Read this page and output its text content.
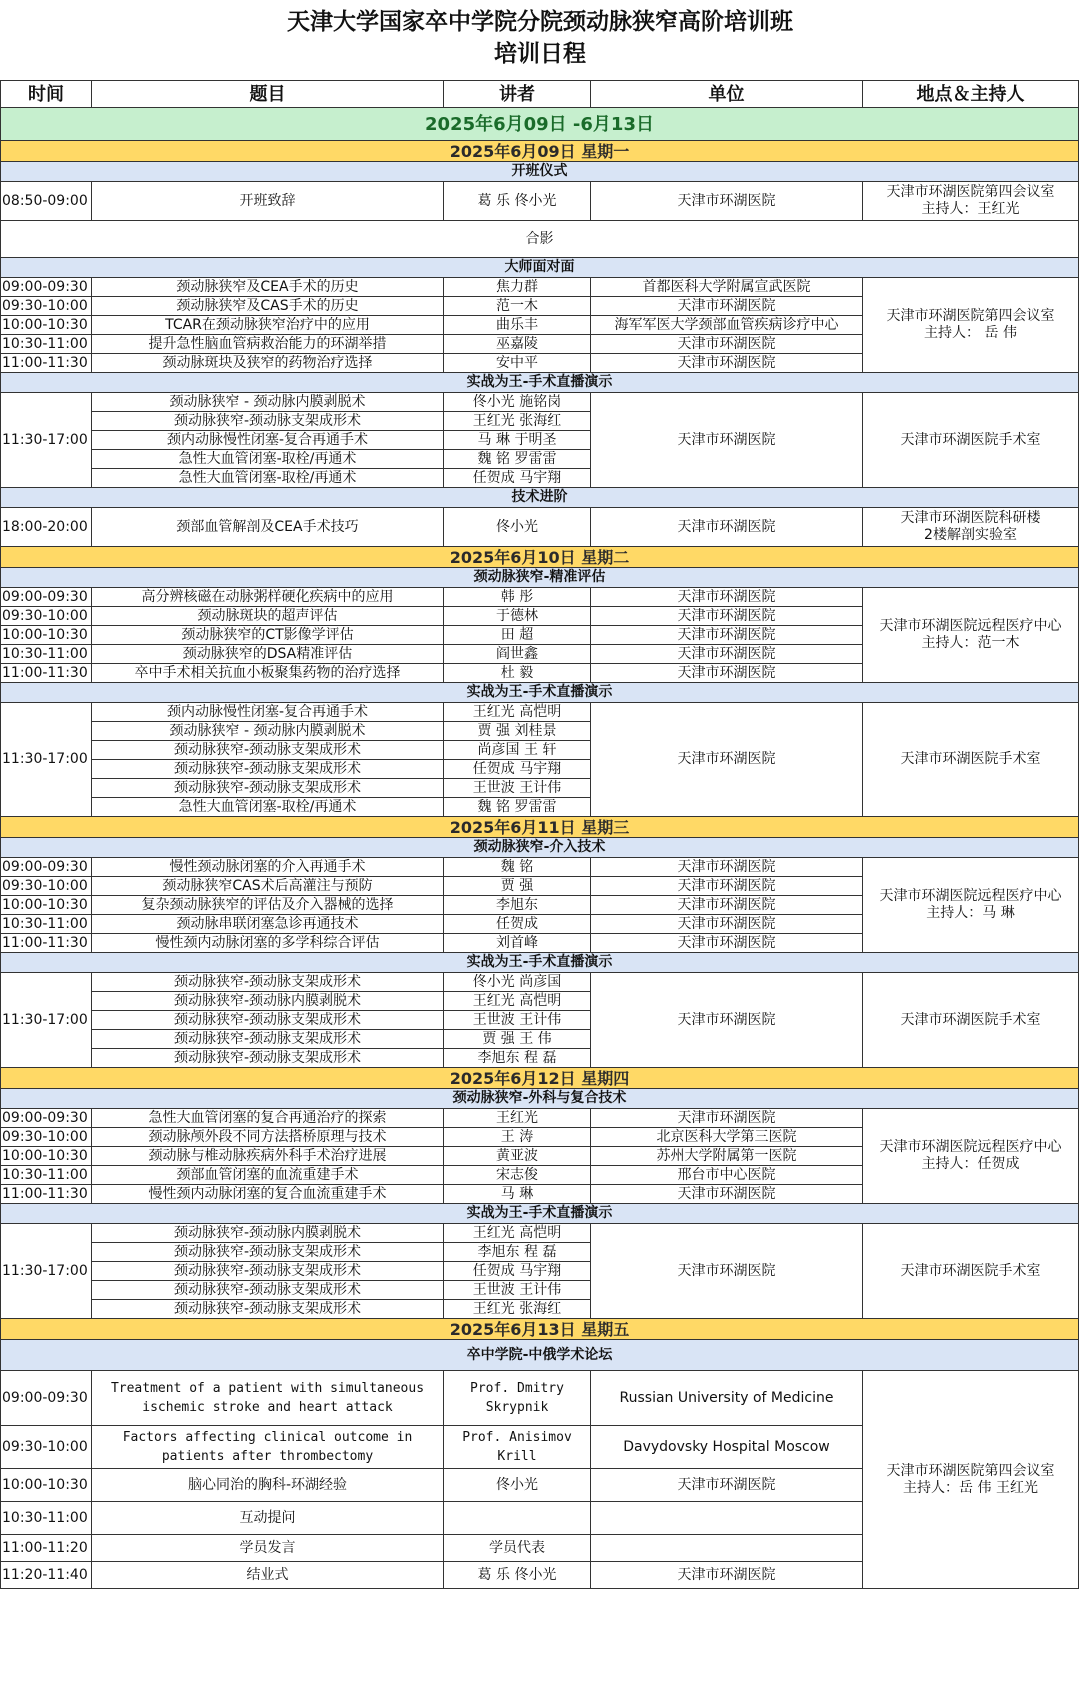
天津大学国家卒中学院分院颈动脉狭窄高阶培训班
培训日程
时间	题目	讲者	单位	地点＆主持人
2025年6月09日 -6月13日				
2025年6月09日 星期一				
开班仪式				
08:50-09:00	开班致辞	葛 乐 佟小光	天津市环湖医院	天津市环湖医院第四会议室
主持人：王红光

合影				
大师面对面				
09:00-09:30	颈动脉狭窄及CEA手术的历史	焦力群	首都医科大学附属宣武医院	天津市环湖医院第四会议室
主持人： 岳 伟

09:30-10:00	颈动脉狭窄及CAS手术的历史	范一木	天津市环湖医院	
10:00-10:30	TCAR在颈动脉狭窄治疗中的应用	曲乐丰	海军军医大学颈部血管疾病诊疗中心	
10:30-11:00	提升急性脑血管病救治能力的环湖举措	巫嘉陵	天津市环湖医院	
11:00-11:30	颈动脉斑块及狭窄的药物治疗选择	安中平	天津市环湖医院	
实战为王-手术直播演示				
11:30-17:00	颈动脉狭窄 - 颈动脉内膜剥脱术	佟小光 施铭岗	天津市环湖医院	天津市环湖医院手术室
	颈动脉狭窄-颈动脉支架成形术	王红光 张海红		
	颈内动脉慢性闭塞-复合再通手术	马 琳 于明圣		
	急性大血管闭塞-取栓/再通术	魏 铭 罗雷雷		
	急性大血管闭塞-取栓/再通术	任贺成 马宇翔		
技术进阶				
18:00-20:00	颈部血管解剖及CEA手术技巧	佟小光	天津市环湖医院	天津市环湖医院科研楼
2楼解剖实验室

2025年6月10日 星期二				
颈动脉狭窄-精准评估				
09:00-09:30	高分辨核磁在动脉粥样硬化疾病中的应用	韩 彤	天津市环湖医院	天津市环湖医院远程医疗中心
主持人：范一木

09:30-10:00	颈动脉斑块的超声评估	于德林	天津市环湖医院	
10:00-10:30	颈动脉狭窄的CT影像学评估	田 超	天津市环湖医院	
10:30-11:00	颈动脉狭窄的DSA精准评估	阎世鑫	天津市环湖医院	
11:00-11:30	卒中手术相关抗血小板聚集药物的治疗选择	杜 毅	天津市环湖医院	
实战为王-手术直播演示				
11:30-17:00	颈内动脉慢性闭塞-复合再通手术	王红光 高恺明	天津市环湖医院	天津市环湖医院手术室
	颈动脉狭窄 - 颈动脉内膜剥脱术	贾 强 刘桂景		
	颈动脉狭窄-颈动脉支架成形术	尚彦国 王 轩		
	颈动脉狭窄-颈动脉支架成形术	任贺成 马宇翔		
	颈动脉狭窄-颈动脉支架成形术	王世波 王计伟		
	急性大血管闭塞-取栓/再通术	魏 铭 罗雷雷		
2025年6月11日 星期三				
颈动脉狭窄-介入技术				
09:00-09:30	慢性颈动脉闭塞的介入再通手术	魏 铭	天津市环湖医院	天津市环湖医院远程医疗中心
主持人：马 琳

09:30-10:00	颈动脉狭窄CAS术后高灌注与预防	贾 强	天津市环湖医院	
10:00-10:30	复杂颈动脉狭窄的评估及介入器械的选择	李旭东	天津市环湖医院	
10:30-11:00	颈动脉串联闭塞急诊再通技术	任贺成	天津市环湖医院	
11:00-11:30	慢性颈内动脉闭塞的多学科综合评估	刘首峰	天津市环湖医院	
实战为王-手术直播演示				
11:30-17:00	颈动脉狭窄-颈动脉支架成形术	佟小光 尚彦国	天津市环湖医院	天津市环湖医院手术室
	颈动脉狭窄-颈动脉内膜剥脱术	王红光 高恺明		
	颈动脉狭窄-颈动脉支架成形术	王世波 王计伟		
	颈动脉狭窄-颈动脉支架成形术	贾 强 王 伟		
	颈动脉狭窄-颈动脉支架成形术	李旭东 程 磊		
2025年6月12日 星期四				
颈动脉狭窄-外科与复合技术				
09:00-09:30	急性大血管闭塞的复合再通治疗的探索	王红光	天津市环湖医院	天津市环湖医院远程医疗中心
主持人：任贺成

09:30-10:00	颈动脉颅外段不同方法搭桥原理与技术	王 涛	北京医科大学第三医院	
10:00-10:30	颈动脉与椎动脉疾病外科手术治疗进展	黄亚波	苏州大学附属第一医院	
10:30-11:00	颈部血管闭塞的血流重建手术	宋志俊	邢台市中心医院	
11:00-11:30	慢性颈内动脉闭塞的复合血流重建手术	马 琳	天津市环湖医院	
实战为王-手术直播演示				
11:30-17:00	颈动脉狭窄-颈动脉内膜剥脱术	王红光 高恺明	天津市环湖医院	天津市环湖医院手术室
	颈动脉狭窄-颈动脉支架成形术	李旭东 程 磊		
	颈动脉狭窄-颈动脉支架成形术	任贺成 马宇翔		
	颈动脉狭窄-颈动脉支架成形术	王世波 王计伟		
	颈动脉狭窄-颈动脉支架成形术	王红光 张海红		
2025年6月13日 星期五				
卒中学院-中俄学术论坛				
09:00-09:30	Treatment of a patient with simultaneous ischemic stroke and heart attack	Prof. Dmitry Skrypnik	Russian University of Medicine	天津市环湖医院第四会议室
主持人：岳 伟 王红光

09:30-10:00	Factors affecting clinical outcome in patients after thrombectomy	Prof. Anisimov Krill	Davydovsky Hospital Moscow	
10:00-10:30	脑心同治的胸科-环湖经验	佟小光	天津市环湖医院	
10:30-11:00	互动提问			
11:00-11:20	学员发言	学员代表		
11:20-11:40	结业式	葛 乐 佟小光	天津市环湖医院	
